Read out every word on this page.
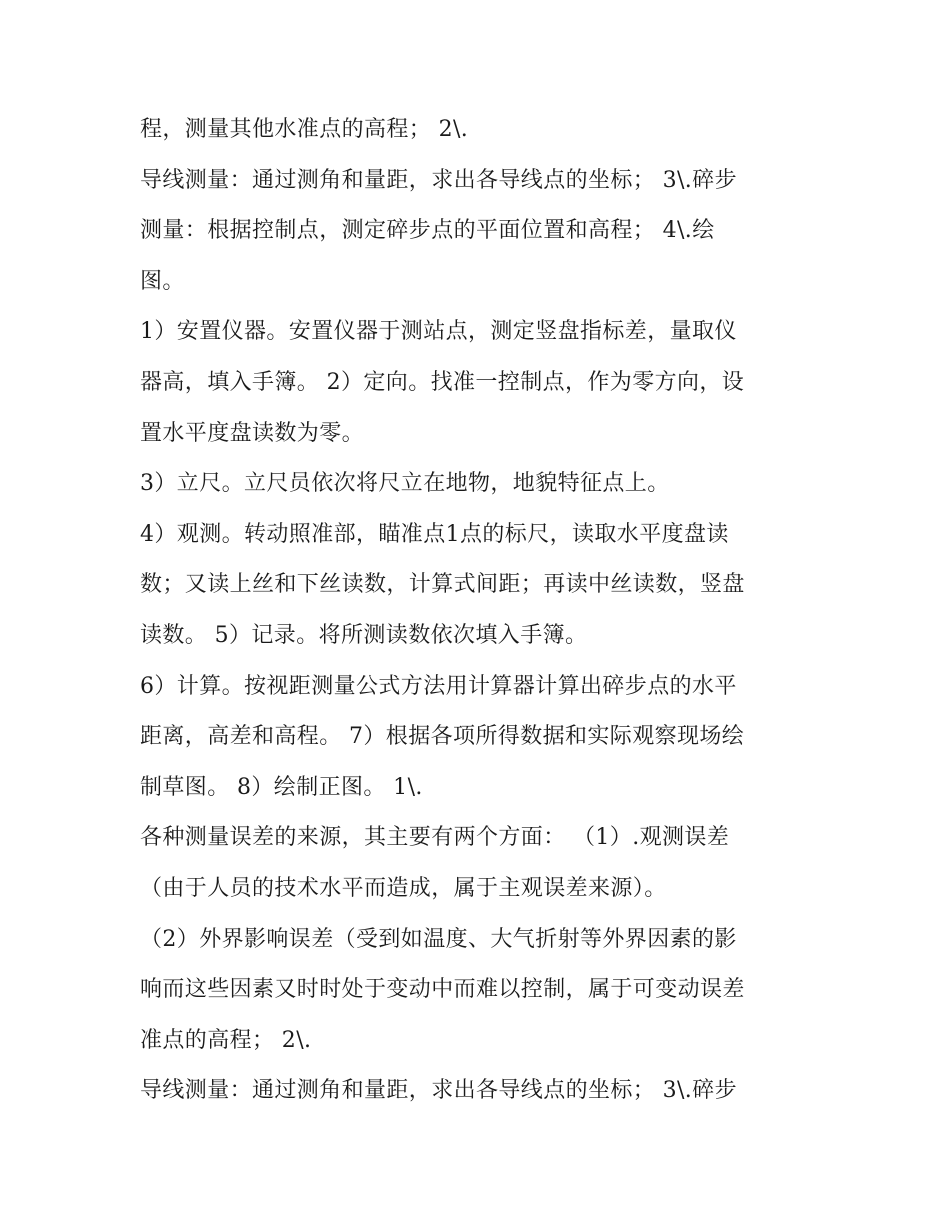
程，测量其他水准点的高程； 2\.
导线测量：通过测角和量距，求出各导线点的坐标； 3\.碎步
测量：根据控制点，测定碎步点的平面位置和高程； 4\.绘
图。
1）安置仪器。安置仪器于测站点，测定竖盘指标差，量取仪
器高，填入手簿。 2）定向。找准一控制点，作为零方向，设
置水平度盘读数为零。
3）立尺。立尺员依次将尺立在地物，地貌特征点上。
4）观测。转动照准部，瞄准点1点的标尺，读取水平度盘读
数；又读上丝和下丝读数，计算式间距；再读中丝读数，竖盘
读数。 5）记录。将所测读数依次填入手簿。
6）计算。按视距测量公式方法用计算器计算出碎步点的水平
距离，高差和高程。 7）根据各项所得数据和实际观察现场绘
制草图。 8）绘制正图。 1\.
各种测量误差的来源，其主要有两个方面： （1）.观测误差
（由于人员的技术水平而造成，属于主观误差来源）。
（2）外界影响误差（受到如温度、大气折射等外界因素的影
响而这些因素又时时处于变动中而难以控制，属于可变动误差
准点的高程； 2\.
导线测量：通过测角和量距，求出各导线点的坐标； 3\.碎步
